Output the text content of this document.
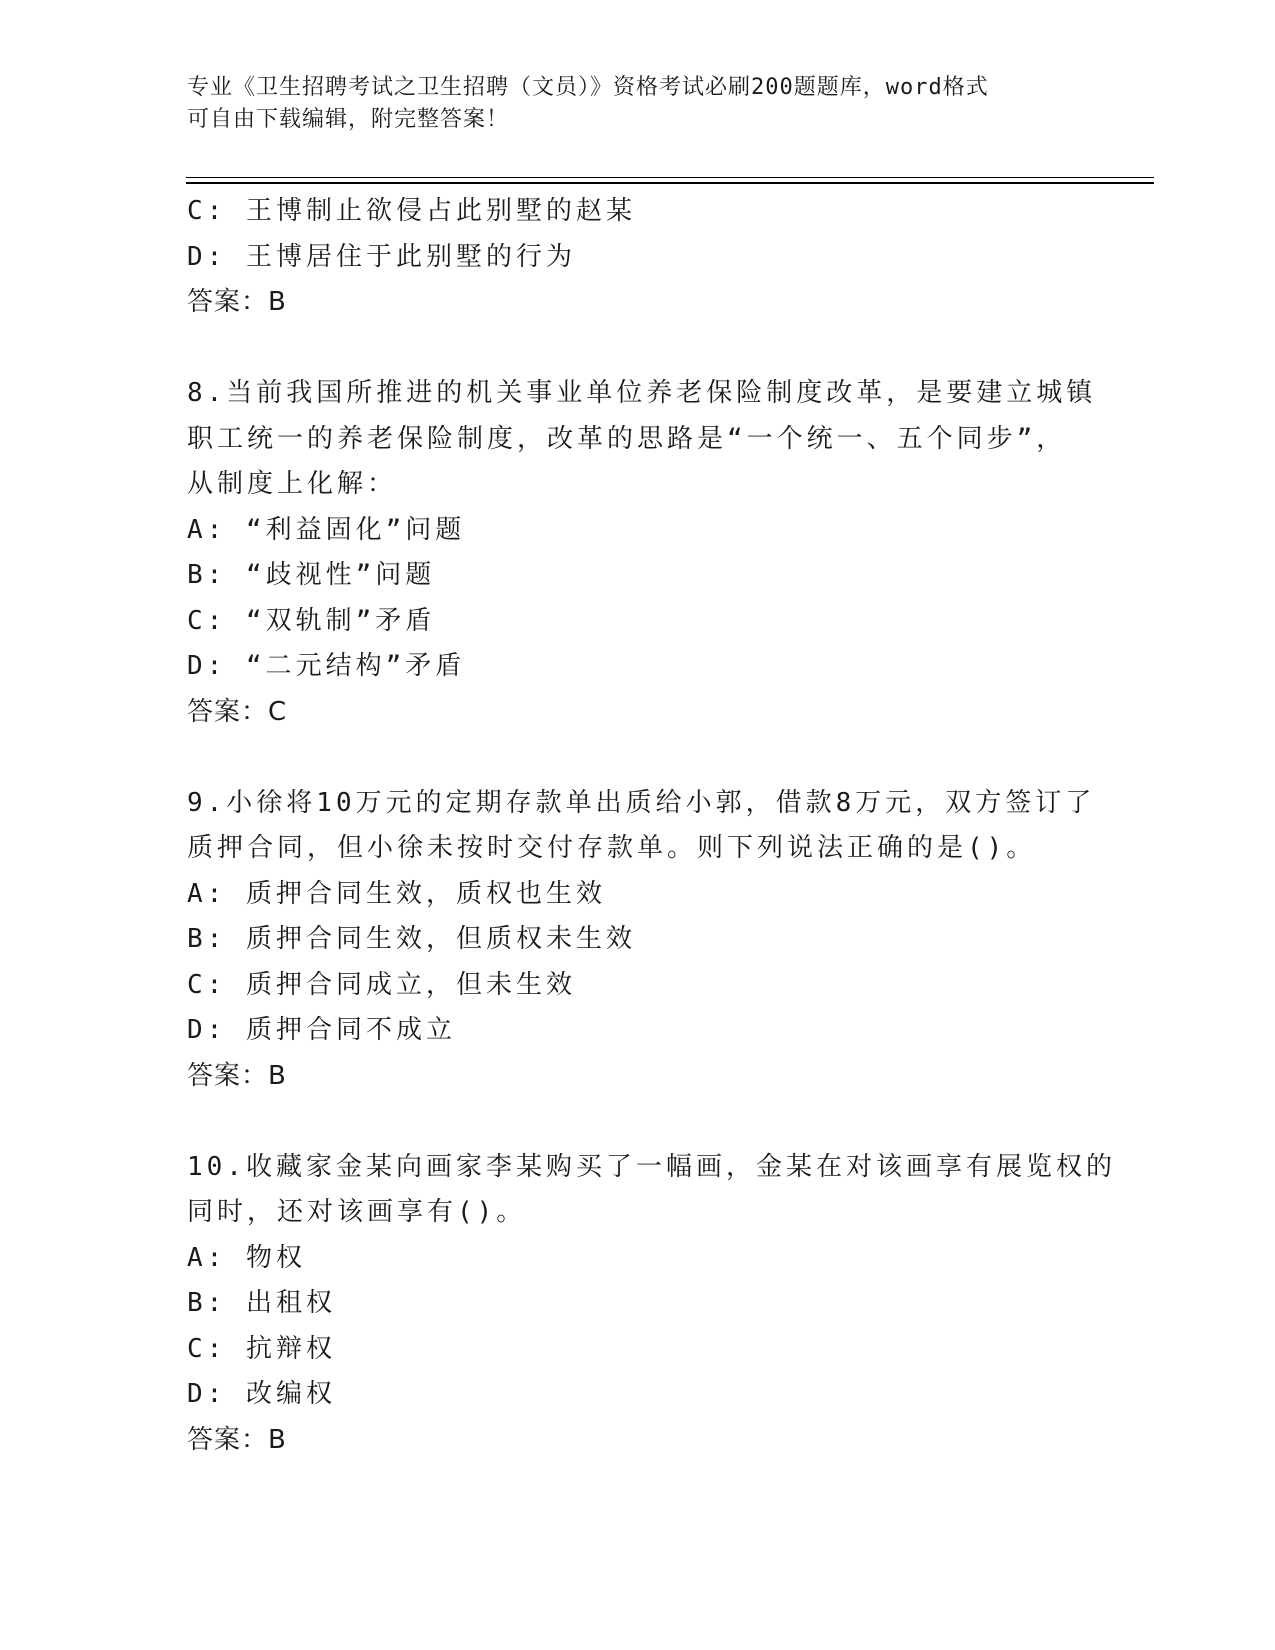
专业《卫生招聘考试之卫生招聘（文员）》资格考试必刷200题题库，word格式
可自由下载编辑，附完整答案！
C: 王博制止欲侵占此别墅的赵某
D: 王博居住于此别墅的行为
答案：B
8.当前我国所推进的机关事业单位养老保险制度改革，是要建立城镇
职工统一的养老保险制度，改革的思路是“一个统一、五个同步”，
从制度上化解：
A: “利益固化”问题
B: “歧视性”问题
C: “双轨制”矛盾
D: “二元结构”矛盾
答案：C
9.小徐将10万元的定期存款单出质给小郭，借款8万元，双方签订了
质押合同，但小徐未按时交付存款单。则下列说法正确的是()。
A: 质押合同生效，质权也生效
B: 质押合同生效，但质权未生效
C: 质押合同成立，但未生效
D: 质押合同不成立
答案：B
10.收藏家金某向画家李某购买了一幅画，金某在对该画享有展览权的
同时，还对该画享有()。
A: 物权
B: 出租权
C: 抗辩权
D: 改编权
答案：B
